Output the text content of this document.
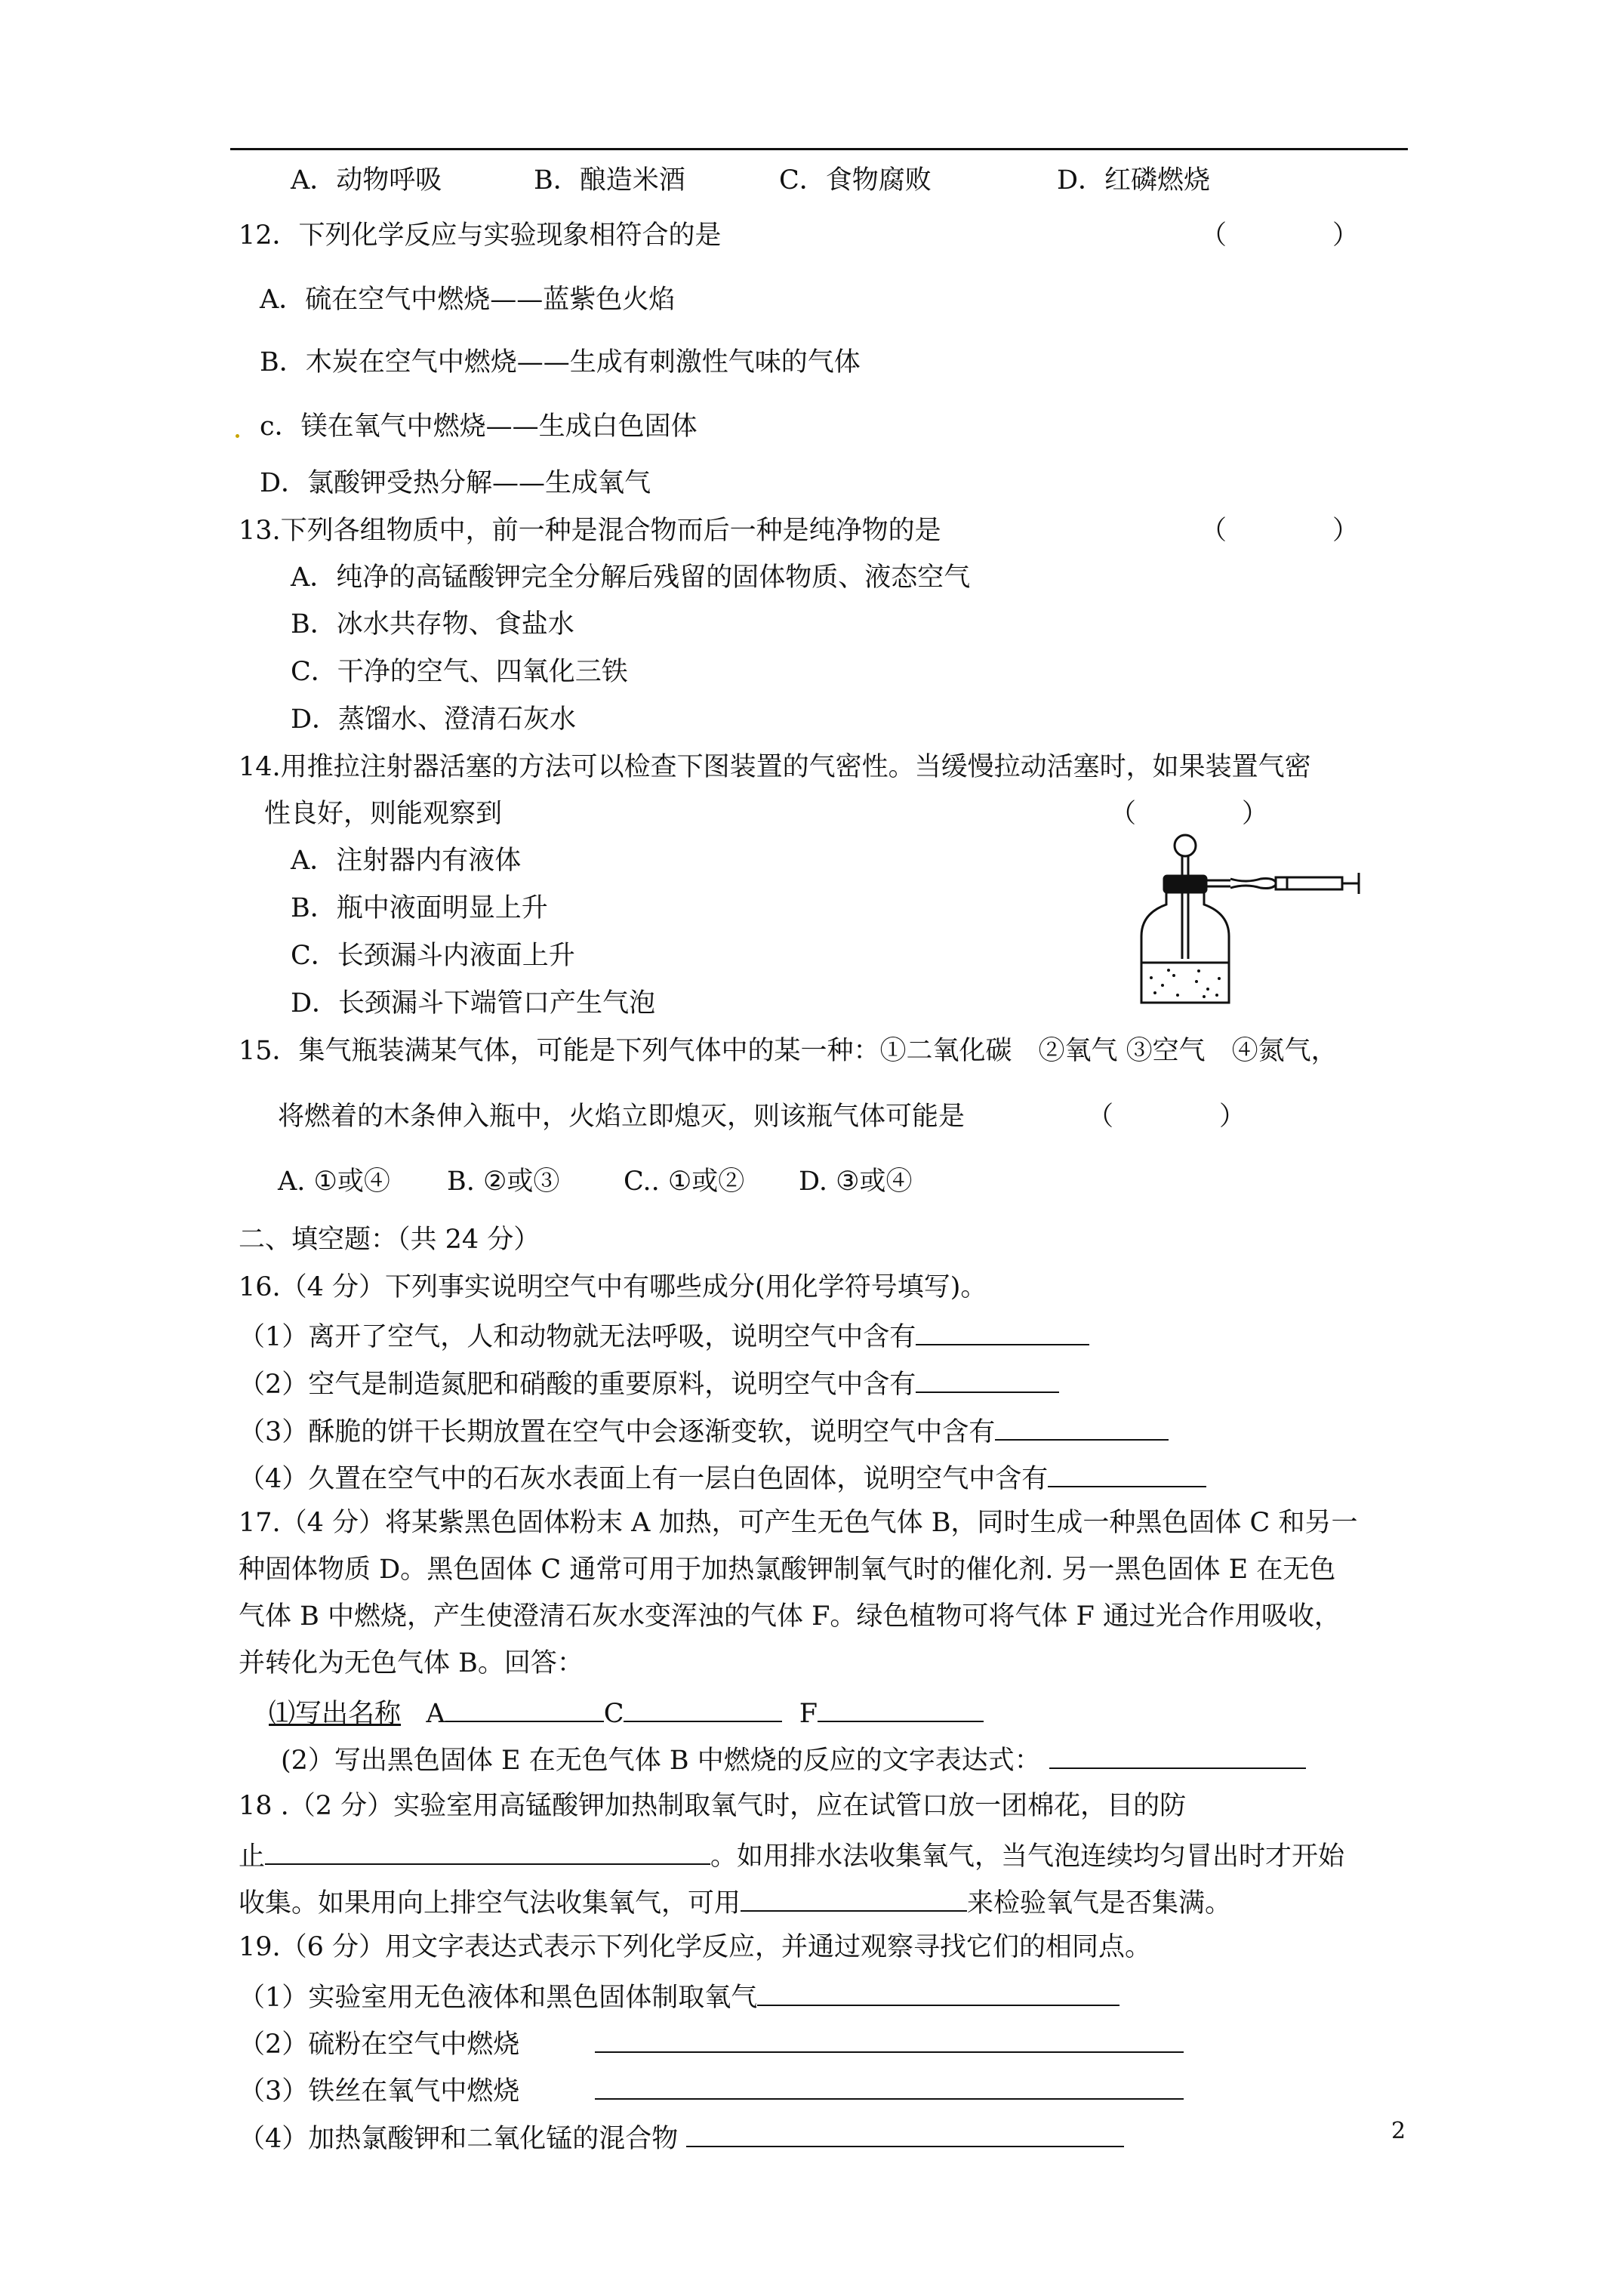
A．动物呼吸	B．酿造米酒	C．食物腐败	D．红磷燃烧
12．下列化学反应与实验现象相符合的是	（　　　　）
A．硫在空气中燃烧——蓝紫色火焰
B．木炭在空气中燃烧——生成有刺激性气味的气体
c．镁在氧气中燃烧——生成白色固体
D．氯酸钾受热分解——生成氧气
13.下列各组物质中，前一种是混合物而后一种是纯净物的是	（　　　　）
A．纯净的高锰酸钾完全分解后残留的固体物质、液态空气
B．冰水共存物、食盐水
C．干净的空气、四氧化三铁
D．蒸馏水、澄清石灰水
14.用推拉注射器活塞的方法可以检查下图装置的气密性。当缓慢拉动活塞时，如果装置气密
性良好，则能观察到	（　　　　）
A．注射器内有液体
B．瓶中液面明显上升
C．长颈漏斗内液面上升
D．长颈漏斗下端管口产生气泡
15．集气瓶装满某气体，可能是下列气体中的某一种：①二氧化碳　②氧气 ③空气　④氮气，
将燃着的木条伸入瓶中，火焰立即熄灭，则该瓶气体可能是	（　　　　）
A. ①或④ B. ②或③ C.. ①或② D. ③或④
二、填空题：（共 24 分）
16.（4 分）下列事实说明空气中有哪些成分(用化学符号填写)。
（1）离开了空气，人和动物就无法呼吸，说明空气中含有
（2）空气是制造氮肥和硝酸的重要原料，说明空气中含有
（3）酥脆的饼干长期放置在空气中会逐渐变软，说明空气中含有
（4）久置在空气中的石灰水表面上有一层白色固体，说明空气中含有
17.（4 分）将某紫黑色固体粉末 A 加热，可产生无色气体 B，同时生成一种黑色固体 C 和另一
种固体物质 D。黑色固体 C 通常可用于加热氯酸钾制氧气时的催化剂. 另一黑色固体 E 在无色
气体 B 中燃烧，产生使澄清石灰水变浑浊的气体 F。绿色植物可将气体 F 通过光合作用吸收，
并转化为无色气体 B。回答：
⑴写出名称 A	C	F
(2）写出黑色固体 E 在无色气体 B 中燃烧的反应的文字表达式：
18 .（2 分）实验室用高锰酸钾加热制取氧气时，应在试管口放一团棉花，目的防
止	。如用排水法收集氧气，当气泡连续均匀冒出时才开始
收集。如果用向上排空气法收集氧气，可用	来检验氧气是否集满。
19.（6 分）用文字表达式表示下列化学反应，并通过观察寻找它们的相同点。
（1）实验室用无色液体和黑色固体制取氧气
（2）硫粉在空气中燃烧
（3）铁丝在氧气中燃烧
（4）加热氯酸钾和二氧化锰的混合物	2
